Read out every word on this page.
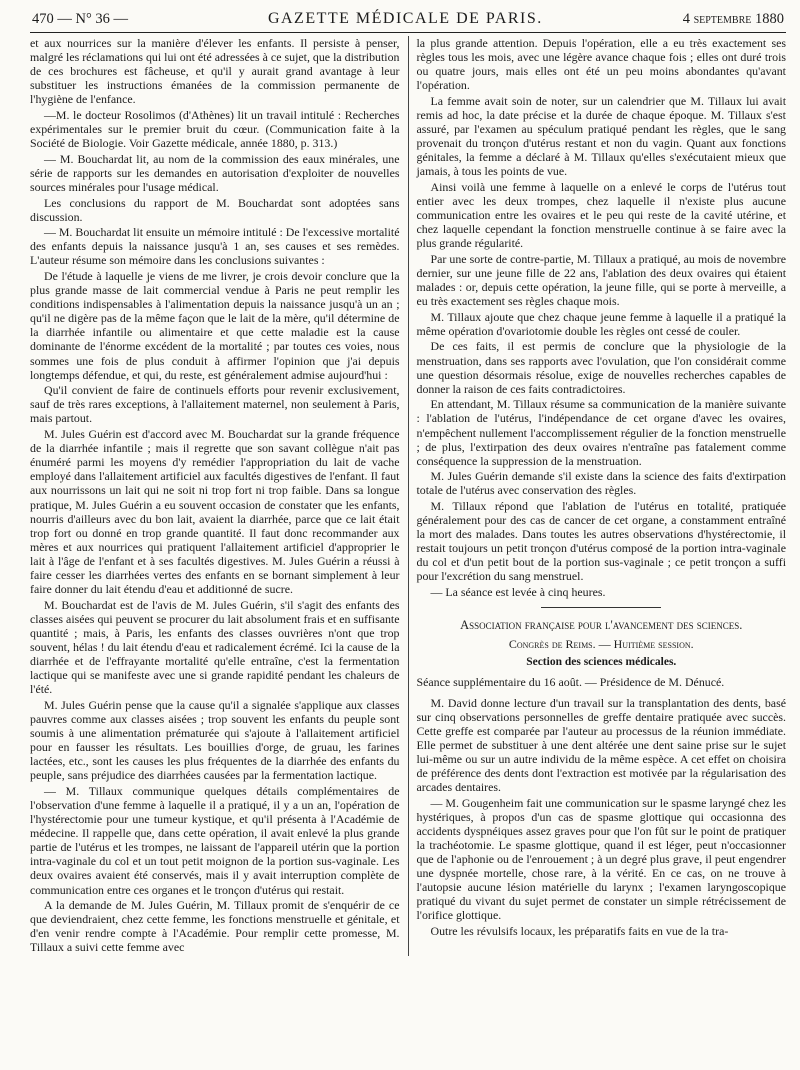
470 — N° 36 —	GAZETTE MÉDICALE DE PARIS.	4 septembre 1880

et aux nourrices sur la manière d'élever les enfants. Il persiste à penser, malgré les réclamations qui lui ont été adressées à ce sujet, que la distribution de ces brochures est fâcheuse, et qu'il y aurait grand avantage à leur substituer les instructions émanées de la commission permanente de l'hygiène de l'enfance.

—M. le docteur Rosolimos (d'Athènes) lit un travail intitulé : Recherches expérimentales sur le premier bruit du cœur. (Communication faite à la Société de Biologie. Voir Gazette médicale, année 1880, p. 313.)

— M. Bouchardat lit, au nom de la commission des eaux minérales, une série de rapports sur les demandes en autorisation d'exploiter de nouvelles sources minérales pour l'usage médical.

Les conclusions du rapport de M. Bouchardat sont adoptées sans discussion.

— M. Bouchardat lit ensuite un mémoire intitulé : De l'excessive mortalité des enfants depuis la naissance jusqu'à 1 an, ses causes et ses remèdes. L'auteur résume son mémoire dans les conclusions suivantes :

De l'étude à laquelle je viens de me livrer, je crois devoir conclure que la plus grande masse de lait commercial vendue à Paris ne peut remplir les conditions indispensables à l'alimentation depuis la naissance jusqu'à un an ; qu'il ne digère pas de la même façon que le lait de la mère, qu'il détermine de la diarrhée infantile ou alimentaire et que cette maladie est la cause dominante de l'énorme excédent de la mortalité ; par toutes ces voies, nous sommes une fois de plus conduit à affirmer l'opinion que j'ai depuis longtemps défendue, et qui, du reste, est généralement admise aujourd'hui :

Qu'il convient de faire de continuels efforts pour revenir exclusivement, sauf de très rares exceptions, à l'allaitement maternel, non seulement à Paris, mais partout.

M. Jules Guérin est d'accord avec M. Bouchardat sur la grande fréquence de la diarrhée infantile ; mais il regrette que son savant collègue n'ait pas énuméré parmi les moyens d'y remédier l'appropriation du lait de vache employé dans l'allaitement artificiel aux facultés digestives de l'enfant. Il faut aux nourrissons un lait qui ne soit ni trop fort ni trop faible. Dans sa longue pratique, M. Jules Guérin a eu souvent occasion de constater que les enfants, nourris d'ailleurs avec du bon lait, avaient la diarrhée, parce que ce lait était trop fort ou donné en trop grande quantité. Il faut donc recommander aux mères et aux nourrices qui pratiquent l'allaitement artificiel d'approprier le lait à l'âge de l'enfant et à ses facultés digestives. M. Jules Guérin a réussi à faire cesser les diarrhées vertes des enfants en se bornant simplement à leur faire donner du lait étendu d'eau et additionné de sucre.

M. Bouchardat est de l'avis de M. Jules Guérin, s'il s'agit des enfants des classes aisées qui peuvent se procurer du lait absolument frais et en suffisante quantité ; mais, à Paris, les enfants des classes ouvrières n'ont que trop souvent, hélas ! du lait étendu d'eau et radicalement écrémé. Ici la cause de la diarrhée et de l'effrayante mortalité qu'elle entraîne, c'est la fermentation lactique qui se manifeste avec une si grande rapidité pendant les chaleurs de l'été.

M. Jules Guérin pense que la cause qu'il a signalée s'applique aux classes pauvres comme aux classes aisées ; trop souvent les enfants du peuple sont soumis à une alimentation prématurée qui s'ajoute à l'allaitement artificiel pour en fausser les résultats. Les bouillies d'orge, de gruau, les farines lactées, etc., sont les causes les plus fréquentes de la diarrhée des enfants du peuple, sans préjudice des diarrhées causées par la fermentation lactique.

— M. Tillaux communique quelques détails complémentaires de l'observation d'une femme à laquelle il a pratiqué, il y a un an, l'opération de l'hystérectomie pour une tumeur kystique, et qu'il présenta à l'Académie de médecine. Il rappelle que, dans cette opération, il avait enlevé la plus grande partie de l'utérus et les trompes, ne laissant de l'appareil utérin que la portion intra-vaginale du col et un tout petit moignon de la portion sus-vaginale. Les deux ovaires avaient été conservés, mais il y avait interruption complète de communication entre ces organes et le tronçon d'utérus qui restait.

A la demande de M. Jules Guérin, M. Tillaux promit de s'enquérir de ce que deviendraient, chez cette femme, les fonctions menstruelle et génitale, et d'en venir rendre compte à l'Académie. Pour remplir cette promesse, M. Tillaux a suivi cette femme avec

la plus grande attention. Depuis l'opération, elle a eu très exactement ses règles tous les mois, avec une légère avance chaque fois ; elles ont duré trois ou quatre jours, mais elles ont été un peu moins abondantes qu'avant l'opération.

La femme avait soin de noter, sur un calendrier que M. Tillaux lui avait remis ad hoc, la date précise et la durée de chaque époque. M. Tillaux s'est assuré, par l'examen au spéculum pratiqué pendant les règles, que le sang provenait du tronçon d'utérus restant et non du vagin. Quant aux fonctions génitales, la femme a déclaré à M. Tillaux qu'elles s'exécutaient mieux que jamais, à tous les points de vue.

Ainsi voilà une femme à laquelle on a enlevé le corps de l'utérus tout entier avec les deux trompes, chez laquelle il n'existe plus aucune communication entre les ovaires et le peu qui reste de la cavité utérine, et chez laquelle cependant la fonction menstruelle continue à se faire avec la plus grande régularité.

Par une sorte de contre-partie, M. Tillaux a pratiqué, au mois de novembre dernier, sur une jeune fille de 22 ans, l'ablation des deux ovaires qui étaient malades : or, depuis cette opération, la jeune fille, qui se porte à merveille, a eu très exactement ses règles chaque mois.

M. Tillaux ajoute que chez chaque jeune femme à laquelle il a pratiqué la même opération d'ovariotomie double les règles ont cessé de couler.

De ces faits, il est permis de conclure que la physiologie de la menstruation, dans ses rapports avec l'ovulation, que l'on considérait comme une question désormais résolue, exige de nouvelles recherches capables de donner la raison de ces faits contradictoires.

En attendant, M. Tillaux résume sa communication de la manière suivante : l'ablation de l'utérus, l'indépendance de cet organe d'avec les ovaires, n'empêchent nullement l'accomplissement régulier de la fonction menstruelle ; de plus, l'extirpation des deux ovaires n'entraîne pas fatalement comme conséquence la suppression de la menstruation.

M. Jules Guérin demande s'il existe dans la science des faits d'extirpation totale de l'utérus avec conservation des règles.

M. Tillaux répond que l'ablation de l'utérus en totalité, pratiquée généralement pour des cas de cancer de cet organe, a constamment entraîné la mort des malades. Dans toutes les autres observations d'hystérectomie, il restait toujours un petit tronçon d'utérus composé de la portion intra-vaginale du col et d'un petit bout de la portion sus-vaginale ; ce petit tronçon a suffi pour l'excrétion du sang menstruel.

— La séance est levée à cinq heures.

Association française pour l'avancement des sciences.

Congrès de Reims. — Huitième session.

Section des sciences médicales.

Séance supplémentaire du 16 août. — Présidence de M. Dénucé.

M. David donne lecture d'un travail sur la transplantation des dents, basé sur cinq observations personnelles de greffe dentaire pratiquée avec succès. Cette greffe est comparée par l'auteur au processus de la réunion immédiate. Elle permet de substituer à une dent altérée une dent saine prise sur le sujet lui-même ou sur un autre individu de la même espèce. A cet effet on choisira de préférence des dents dont l'extraction est motivée par la régularisation des arcades dentaires.

— M. Gougenheim fait une communication sur le spasme laryngé chez les hystériques, à propos d'un cas de spasme glottique qui occasionna des accidents dyspnéiques assez graves pour que l'on fût sur le point de pratiquer la trachéotomie. Le spasme glottique, quand il est léger, peut n'occasionner que de l'aphonie ou de l'enrouement ; à un degré plus grave, il peut engendrer une dyspnée mortelle, chose rare, à la vérité. En ce cas, on ne trouve à l'autopsie aucune lésion matérielle du larynx ; l'examen laryngoscopique pratiqué du vivant du sujet permet de constater un simple rétrécissement de l'orifice glottique.

Outre les révulsifs locaux, les préparatifs faits en vue de la tra-
